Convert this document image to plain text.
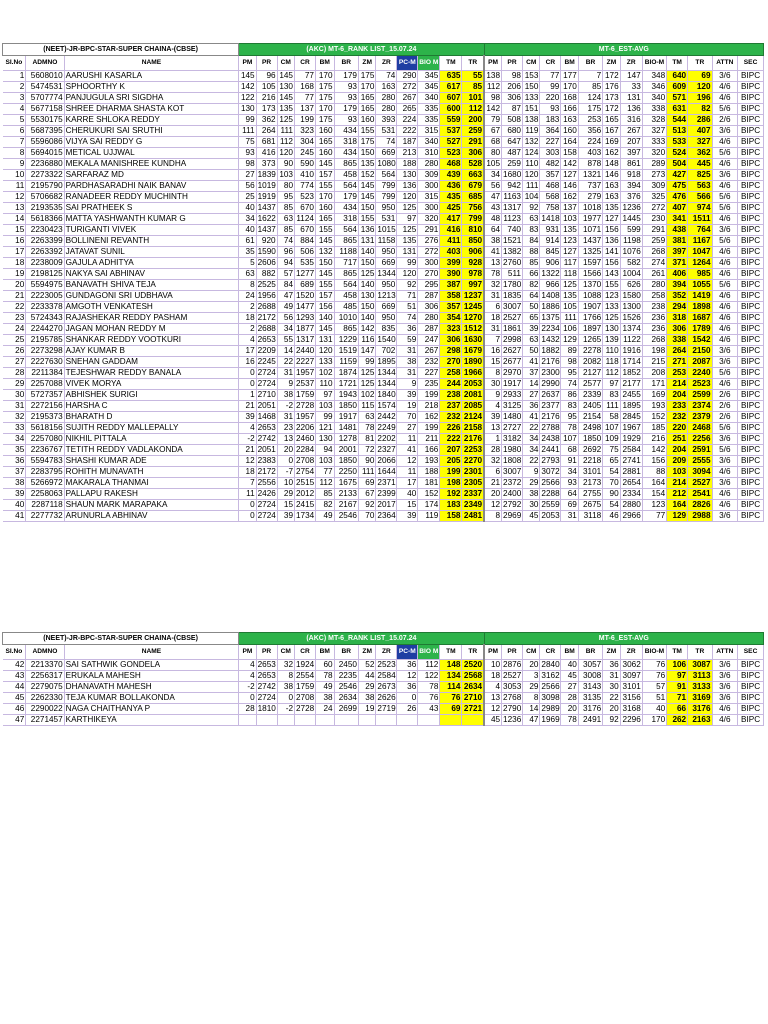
(NEET)-JR-BPC-STAR-SUPER CHAINA-(CBSE)			(AKC) MT-6_RANK LIST_15.07.24												MT-6_EST-AVG												
SI.No	ADMNO	NAME	PM	PR	CM	CR	BM	BR	ZM	ZR	PC-M	BIO M	TM	TR	PM	PR	CM	CR	BM	BR	ZM	ZR	BIO-M	TM	TR	ATTN	SEC
1	5608010	AARUSHI KASARLA	145	96	145	77	170	179	175	74	290	345	635	55	138	98	153	77	177	7	172	147	348	640	69	3/6	BIPC
2	5474531	SPHOORTHY K	142	105	130	168	175	93	170	163	272	345	617	85	112	206	150	99	170	85	176	33	346	609	120	4/6	BIPC
3	5707774	PANJUGULA SRI SIGDHA	122	216	145	77	175	93	165	280	267	340	607	101	98	306	133	220	168	124	173	131	340	571	196	4/6	BIPC
4	5677158	SHREE DHARMA SHASTA KOT	130	173	135	137	170	179	165	280	265	335	600	112	142	87	151	93	166	175	172	136	338	631	82	5/6	BIPC
5	5530175	KARRE SHLOKA REDDY	99	362	125	199	175	93	160	393	224	335	559	200	79	508	138	183	163	253	165	316	328	544	286	2/6	BIPC
6	5687395	CHERUKURI SAI SRUTHI	111	264	111	323	160	434	155	531	222	315	537	259	67	680	119	364	160	356	167	267	327	513	407	3/6	BIPC
7	5596086	VIJYA SAI REDDY G	75	681	112	304	165	318	175	74	187	340	527	291	68	647	132	227	164	224	169	207	333	533	327	4/6	BIPC
8	5694015	METICAL UJJWAL	93	416	120	245	160	434	150	669	213	310	523	306	80	487	124	303	158	403	162	397	320	524	362	5/6	BIPC
9	2236880	MEKALA MANISHREE KUNDHA	98	373	90	590	145	865	135	1080	188	280	468	528	105	259	110	482	142	878	148	861	289	504	445	4/6	BIPC
10	2273322	SARFARAZ MD	27	1839	103	410	157	458	152	564	130	309	439	663	34	1680	120	357	127	1321	146	918	273	427	825	3/6	BIPC
11	2195790	PARDHASARADHI NAIK BANAV	56	1019	80	774	155	564	145	799	136	300	436	679	56	942	111	468	146	737	163	394	309	475	563	4/6	BIPC
12	5706682	RANADEER REDDY MUCHINTH	25	1919	95	523	170	179	145	799	120	315	435	685	47	1163	104	568	162	279	163	376	325	476	566	5/6	BIPC
13	2193535	SAI PRATHEEK S	40	1437	85	670	160	434	150	950	125	300	425	756	43	1317	92	758	137	1018	135	1236	272	407	974	5/6	BIPC
14	5618366	MATTA YASHWANTH KUMAR G	34	1622	63	1124	165	318	155	531	97	320	417	799	48	1123	63	1418	103	1977	127	1445	230	341	1511	4/6	BIPC
15	2230423	TURIGANTI VIVEK	40	1437	85	670	155	564	136	1015	125	291	416	810	64	740	83	931	135	1071	156	599	291	438	764	3/6	BIPC
16	2263399	BOLLINENI REVANTH	61	920	74	884	145	865	131	1158	135	276	411	850	38	1521	84	914	123	1437	136	1198	259	381	1167	5/6	BIPC
17	2263392	JATAVAT SUNIL	35	1590	96	506	132	1188	140	950	131	272	403	906	41	1382	88	845	127	1325	141	1076	268	397	1047	4/6	BIPC
18	2238009	GAJULA ADHITYA	5	2606	94	535	150	717	150	669	99	300	399	928	13	2760	85	906	117	1597	156	582	274	371	1264	4/6	BIPC
19	2198125	NAKYA SAI ABHINAV	63	882	57	1277	145	865	125	1344	120	270	390	978	78	511	66	1322	118	1566	143	1004	261	406	985	4/6	BIPC
20	5594975	BANAVATH SHIVA TEJA	8	2525	84	689	155	564	140	950	92	295	387	997	32	1780	82	966	125	1370	155	626	280	394	1055	5/6	BIPC
21	2223005	GUNDAGONI SRI UDBHAVA	24	1956	47	1520	157	458	130	1213	71	287	358	1237	31	1835	64	1408	135	1088	123	1580	258	352	1419	4/6	BIPC
22	2233378	AMGOTH VENKATESH	2	2688	49	1477	156	485	150	669	51	306	357	1245	6	3007	50	1886	105	1907	133	1300	238	294	1898	4/6	BIPC
23	5724343	RAJASHEKAR REDDY PASHAM	18	2172	56	1293	140	1010	140	950	74	280	354	1270	18	2527	65	1375	111	1766	125	1526	236	318	1687	4/6	BIPC
24	2244270	JAGAN MOHAN REDDY M	2	2688	34	1877	145	865	142	835	36	287	323	1512	31	1861	39	2234	106	1897	130	1374	236	306	1789	4/6	BIPC
25	2195785	SHANKAR REDDY VOOTKURI	4	2653	55	1317	131	1229	116	1540	59	247	306	1630	7	2998	63	1432	129	1265	139	1122	268	338	1542	4/6	BIPC
26	2273298	AJAY KUMAR B	17	2209	14	2440	120	1519	147	702	31	267	298	1679	16	2627	50	1882	89	2278	110	1916	198	264	2150	3/6	BIPC
27	2227630	SNEHAN GADDAM	16	2245	22	2227	133	1159	99	1895	38	232	270	1890	15	2677	41	2176	98	2082	118	1714	215	271	2087	3/6	BIPC
28	2211384	TEJESHWAR REDDY BANALA	0	2724	31	1957	102	1874	125	1344	31	227	258	1966	8	2970	37	2300	95	2127	112	1852	208	253	2240	5/6	BIPC
29	2257088	VIVEK MORYA	0	2724	9	2537	110	1721	125	1344	9	235	244	2053	30	1917	14	2990	74	2577	97	2177	171	214	2523	4/6	BIPC
30	5727357	ABHISHEK SURIGI	1	2710	38	1759	97	1943	102	1840	39	199	238	2081	9	2933	27	2637	86	2339	83	2455	169	204	2599	2/6	BIPC
31	2272156	HARSHA C	21	2051	-2	2728	103	1850	115	1574	19	218	237	2085	4	3125	36	2377	83	2405	111	1895	193	233	2374	2/6	BIPC
32	2195373	BHARATH D	39	1468	31	1957	99	1917	63	2442	70	162	232	2124	39	1480	41	2176	95	2154	58	2845	152	232	2379	2/6	BIPC
33	5618156	SUJITH REDDY MALLEPALLY	4	2653	23	2206	121	1481	78	2249	27	199	226	2158	13	2727	22	2788	78	2498	107	1967	185	220	2468	5/6	BIPC
34	2257080	NIKHIL PITTALA	-2	2742	13	2460	130	1278	81	2202	11	211	222	2176	1	3182	34	2438	107	1850	109	1929	216	251	2256	3/6	BIPC
35	2236767	TETITH REDDY VADLAKONDA	21	2051	20	2284	94	2001	72	2327	41	166	207	2253	28	1980	34	2441	68	2692	75	2584	142	204	2591	5/6	BIPC
36	5594783	SHASHI KUMAR ADE	12	2383	0	2708	103	1850	90	2066	12	193	205	2270	32	1808	22	2793	91	2218	65	2741	156	209	2555	3/6	BIPC
37	2283795	ROHITH MUNAVATH	18	2172	-7	2754	77	2250	111	1644	11	188	199	2301	6	3007	9	3072	34	3101	54	2881	88	103	3094	4/6	BIPC
38	5266972	MAKARALA THANMAI	7	2556	10	2515	112	1675	69	2371	17	181	198	2305	21	2372	29	2566	93	2173	70	2654	164	214	2527	3/6	BIPC
39	2258063	PALLAPU RAKESH	11	2426	29	2012	85	2133	67	2399	40	152	192	2337	20	2400	38	2288	64	2755	90	2334	154	212	2541	4/6	BIPC
40	2287118	SHAUN MARK MARAPAKA	0	2724	15	2415	82	2167	92	2017	15	174	183	2349	12	2792	30	2559	69	2675	54	2880	123	164	2826	4/6	BIPC
41	2277732	ARUNURLA ABHINAV	0	2724	39	1734	49	2546	70	2364	39	119	158	2481	8	2969	45	2053	31	3118	46	2966	77	129	2988	3/6	BIPC
(NEET)-JR-BPC-STAR-SUPER CHAINA-(CBSE)			(AKC) MT-6_RANK LIST_15.07.24												MT-6_EST-AVG												
SI.No	ADMNO	NAME	PM	PR	CM	CR	BM	BR	ZM	ZR	PC-M	BIO M	TM	TR	PM	PR	CM	CR	BM	BR	ZM	ZR	BIO-M	TM	TR	ATTN	SEC
42	2213370	SAI SATHWIK GONDELA	4	2653	32	1924	60	2450	52	2523	36	112	148	2520	10	2876	20	2840	40	3057	36	3062	76	106	3087	3/6	BIPC
43	2256317	ERUKALA MAHESH	4	2653	8	2554	78	2235	44	2584	12	122	134	2568	18	2527	3	3162	45	3008	31	3097	76	97	3113	3/6	BIPC
44	2279075	DHANAVATH MAHESH	-2	2742	38	1759	49	2546	29	2673	36	78	114	2634	4	3053	29	2566	27	3143	30	3101	57	91	3133	3/6	BIPC
45	2262330	TEJA KUMAR BOLLAKONDA	0	2724	0	2708	38	2634	38	2626	0	76	76	2710	13	2768	8	3098	28	3135	22	3156	51	71	3169	3/6	BIPC
46	2290022	NAGA CHAITHANYA P	28	1810	-2	2728	24	2699	19	2719	26	43	69	2721	12	2790	14	2989	20	3176	20	3168	40	66	3176	4/6	BIPC
47	2271457	KARTHIKEYA													45	1236	47	1969	78	2491	92	2296	170	262	2163	4/6	BIPC
